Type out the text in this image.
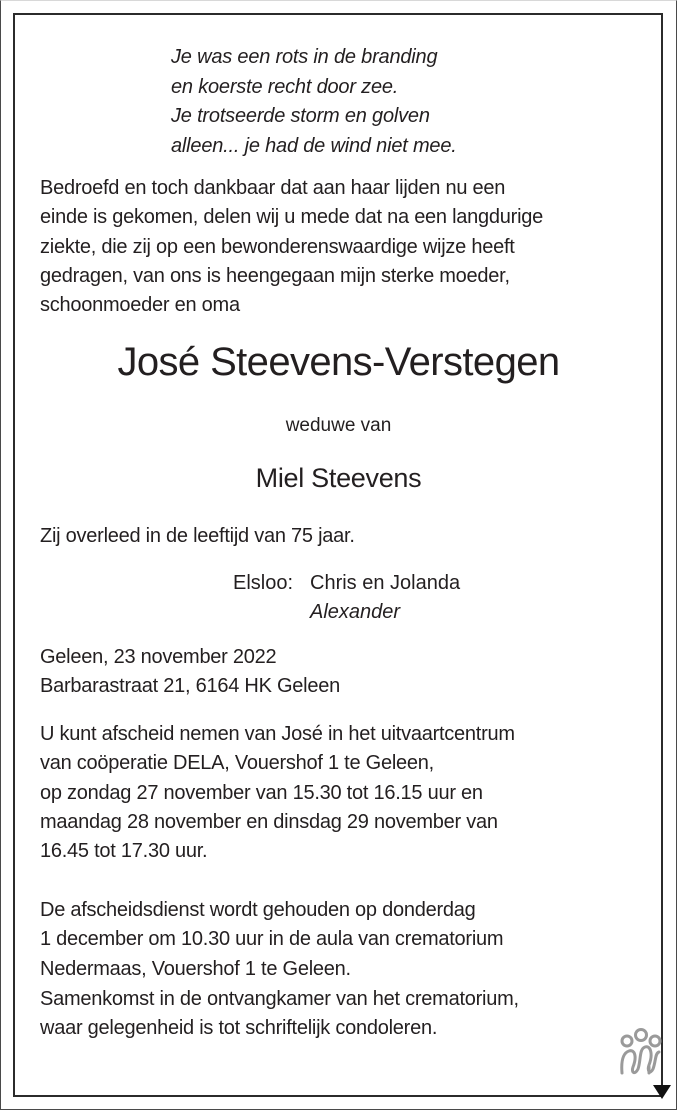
Je was een rots in de branding
en koerste recht door zee.
Je trotseerde storm en golven
alleen... je had de wind niet mee.
Bedroefd en toch dankbaar dat aan haar lijden nu een
einde is gekomen, delen wij u mede dat na een langdurige
ziekte, die zij op een bewonderenswaardige wijze heeft
gedragen, van ons is heengegaan mijn sterke moeder,
schoonmoeder en oma
José Steevens-Verstegen
weduwe van
Miel Steevens
Zij overleed in de leeftijd van 75 jaar.
Elsloo: Chris en Jolanda
Alexander
Geleen, 23 november 2022
Barbarastraat 21, 6164 HK Geleen
U kunt afscheid nemen van José in het uitvaartcentrum
van coöperatie DELA, Vouershof 1 te Geleen,
op zondag 27 november van 15.30 tot 16.15 uur en
maandag 28 november en dinsdag 29 november van
16.45 tot 17.30 uur.
De afscheidsdienst wordt gehouden op donderdag
1 december om 10.30 uur in de aula van crematorium
Nedermaas, Vouershof 1 te Geleen.
Samenkomst in de ontvangkamer van het crematorium,
waar gelegenheid is tot schriftelijk condoleren.
